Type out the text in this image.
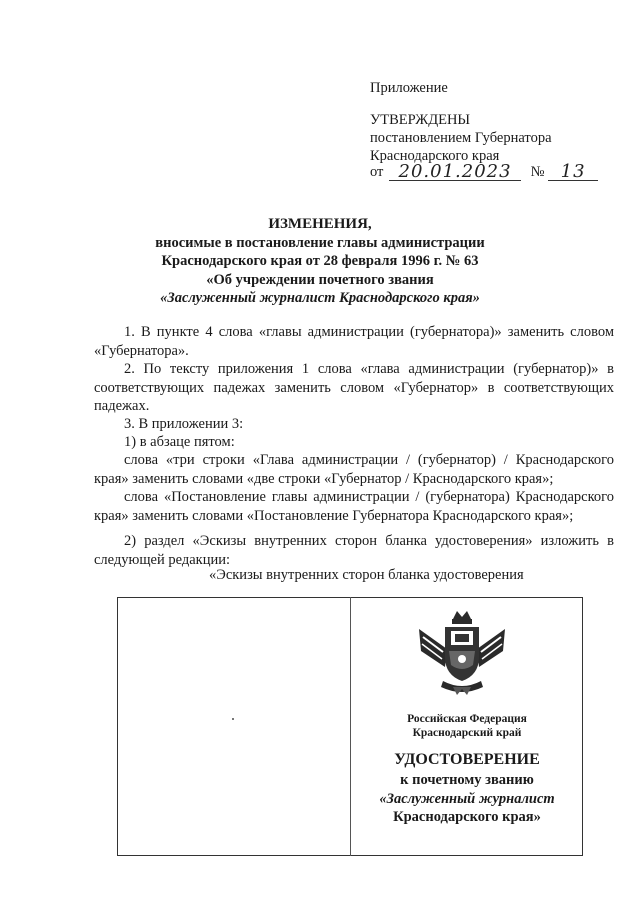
Приложение
УТВЕРЖДЕНЫ
постановлением Губернатора
Краснодарского края
от 20.01.2023 № 13
ИЗМЕНЕНИЯ,
вносимые в постановление главы администрации
Краснодарского края от 28 февраля 1996 г. № 63
«Об учреждении почетного звания
«Заслуженный журналист Краснодарского края»
1. В пункте 4 слова «главы администрации (губернатора)» заменить словом «Губернатора».
2. По тексту приложения 1 слова «глава администрации (губернатор)» в соответствующих падежах заменить словом «Губернатор» в соответствующих падежах.
3. В приложении 3:
1) в абзаце пятом:
слова «три строки «Глава администрации / (губернатор) / Краснодарского края» заменить словами «две строки «Губернатор / Краснодарского края»;
слова «Постановление главы администрации / (губернатора) Краснодарского края» заменить словами «Постановление Губернатора Краснодарского края»;
2) раздел «Эскизы внутренних сторон бланка удостоверения» изложить в следующей редакции:
«Эскизы внутренних сторон бланка удостоверения
Российская Федерация
Краснодарский край
УДОСТОВЕРЕНИЕ
к почетному званию
«Заслуженный журналист
Краснодарского края»
